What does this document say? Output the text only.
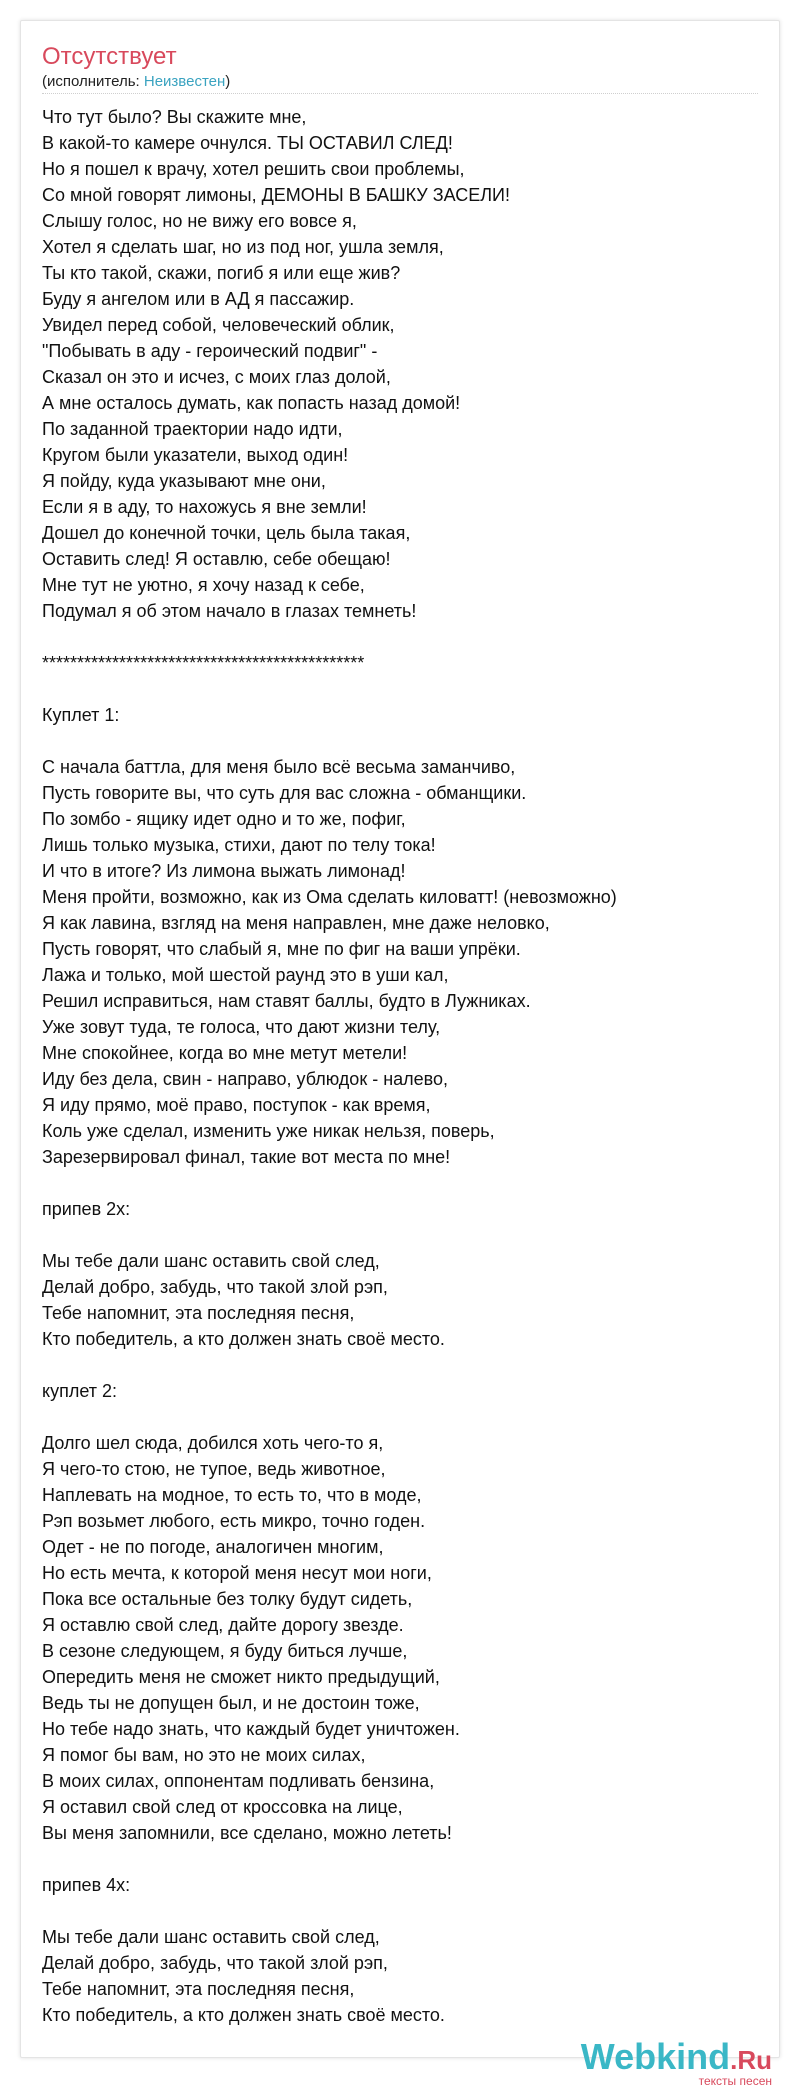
Отсутствует
(исполнитель: Неизвестен)
Что тут было? Вы скажите мне,
В какой-то камере очнулся. ТЫ ОСТАВИЛ СЛЕД!
Но я пошел к врачу, хотел решить свои проблемы,
Со мной говорят лимоны, ДЕМОНЫ В БАШКУ ЗАСЕЛИ!
Слышу голос, но не вижу его вовсе я,
Хотел я сделать шаг, но из под ног, ушла земля,
Ты кто такой, скажи, погиб я или еще жив?
Буду я ангелом или в АД я пассажир.
Увидел перед собой, человеческий облик,
"Побывать в аду - героический подвиг" -
Сказал он это и исчез, с моих глаз долой,
А мне осталось думать, как попасть назад домой!
По заданной траектории надо идти,
Кругом были указатели, выход один!
Я пойду, куда указывают мне они,
Если я в аду, то нахожусь я вне земли!
Дошел до конечной точки, цель была такая,
Оставить след! Я оставлю, себе обещаю!
Мне тут не уютно, я хочу назад к себе,
Подумал я об этом начало в глазах темнеть!
**********************************************
Куплет 1:
С начала баттла, для меня было всё весьма заманчиво,
Пусть говорите вы, что суть для вас сложна - обманщики.
По зомбо - ящику идет одно и то же, пофиг,
Лишь только музыка, стихи, дают по телу тока!
И что в итоге? Из лимона выжать лимонад!
Меня пройти, возможно, как из Ома сделать киловатт! (невозможно)
Я как лавина, взгляд на меня направлен, мне даже неловко,
Пусть говорят, что слабый я, мне по фиг на ваши упрёки.
Лажа и только, мой шестой раунд это в уши кал,
Решил исправиться, нам ставят баллы, будто в Лужниках.
Уже зовут туда, те голоса, что дают жизни телу,
Мне спокойнее, когда во мне метут метели!
Иду без дела, свин - направо, ублюдок - налево,
Я иду прямо, моё право, поступок - как время,
Коль уже сделал, изменить уже никак нельзя, поверь,
Зарезервировал финал, такие вот места по мне!
припев 2х:
Мы тебе дали шанс оставить свой след,
Делай добро, забудь, что такой злой рэп,
Тебе напомнит, эта последняя песня,
Кто победитель, а кто должен знать своё место.
куплет 2:
Долго шел сюда, добился хоть чего-то я,
Я чего-то стою, не тупое, ведь животное,
Наплевать на модное, то есть то, что в моде,
Рэп возьмет любого, есть микро, точно годен.
Одет - не по погоде, аналогичен многим,
Но есть мечта, к которой меня несут мои ноги,
Пока все остальные без толку будут сидеть,
Я оставлю свой след, дайте дорогу звезде.
В сезоне следующем, я буду биться лучше,
Опередить меня не сможет никто предыдущий,
Ведь ты не допущен был, и не достоин тоже,
Но тебе надо знать, что каждый будет уничтожен.
Я помог бы вам, но это не моих силах,
В моих силах, оппонентам подливать бензина,
Я оставил свой след от кроссовка на лице,
Вы меня запомнили, все сделано, можно лететь!
припев 4х:
Мы тебе дали шанс оставить свой след,
Делай добро, забудь, что такой злой рэп,
Тебе напомнит, эта последняя песня,
Кто победитель, а кто должен знать своё место.
Webkind.Ru
тексты песен
